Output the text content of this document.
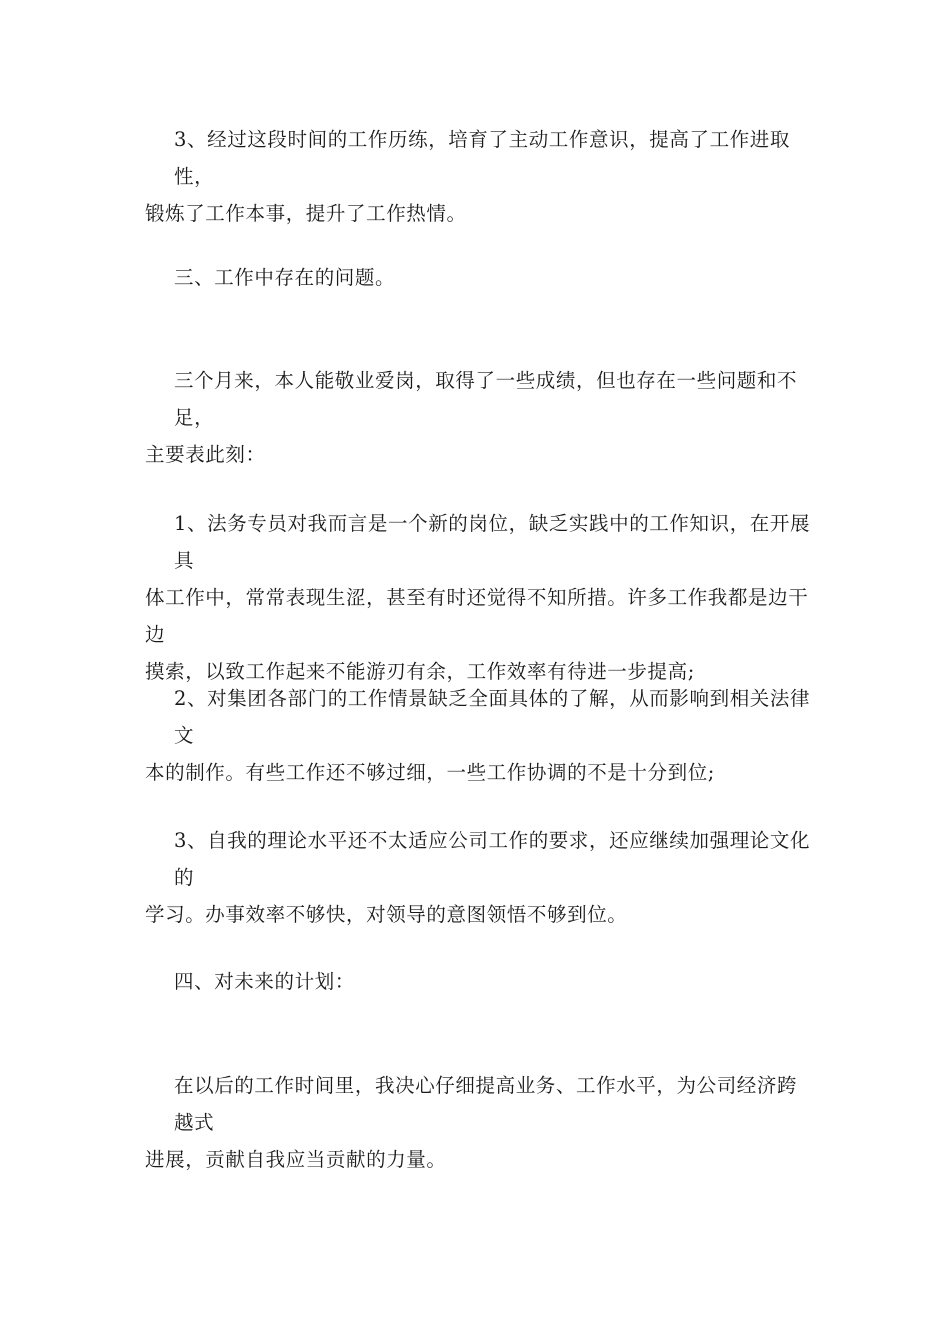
3、经过这段时间的工作历练，培育了主动工作意识，提高了工作进取性，
锻炼了工作本事，提升了工作热情。

三、工作中存在的问题。

三个月来，本人能敬业爱岗，取得了一些成绩，但也存在一些问题和不足，
主要表此刻：

1、法务专员对我而言是一个新的岗位，缺乏实践中的工作知识，在开展具
体工作中，常常表现生涩，甚至有时还觉得不知所措。许多工作我都是边干边
摸索，以致工作起来不能游刃有余，工作效率有待进一步提高;

2、对集团各部门的工作情景缺乏全面具体的了解，从而影响到相关法律文
本的制作。有些工作还不够过细，一些工作协调的不是十分到位;

3、自我的理论水平还不太适应公司工作的要求，还应继续加强理论文化的
学习。办事效率不够快，对领导的意图领悟不够到位。

四、对未来的计划：

在以后的工作时间里，我决心仔细提高业务、工作水平，为公司经济跨越式
进展，贡献自我应当贡献的力量。
